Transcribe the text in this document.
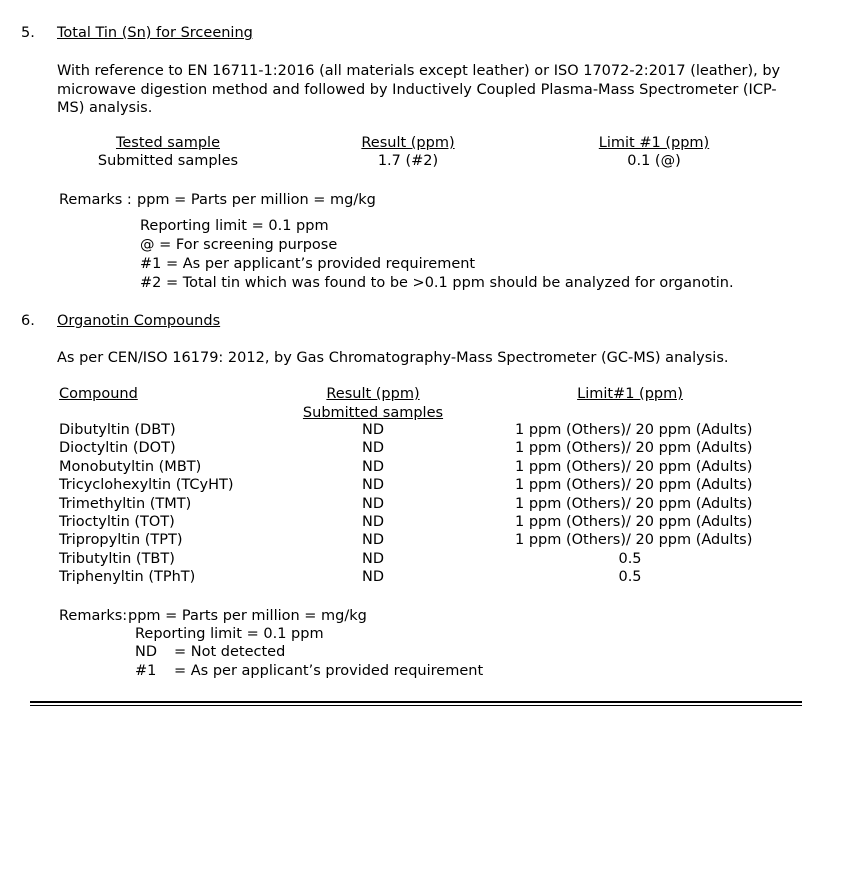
5. Total Tin (Sn) for Srceening
With reference to EN 16711-1:2016 (all materials except leather) or ISO 17072-2:2017 (leather), by microwave digestion method and followed by Inductively Coupled Plasma-Mass Spectrometer (ICP-MS) analysis.
Tested sample	Result (ppm)	Limit #1 (ppm)
Submitted samples	1.7 (#2)	0.1 (@)
Remarks : ppm = Parts per million = mg/kg
Reporting limit = 0.1 ppm
@ = For screening purpose
#1 = As per applicant’s provided requirement
#2 = Total tin which was found to be >0.1 ppm should be analyzed for organotin.
6. Organotin Compounds
As per CEN/ISO 16179: 2012, by Gas Chromatography-Mass Spectrometer (GC-MS) analysis.
Compound	Result (ppm)	Limit#1 (ppm)
Submitted samples
Dibutyltin (DBT)	ND	1 ppm (Others)/ 20 ppm (Adults)
Dioctyltin (DOT)	ND	1 ppm (Others)/ 20 ppm (Adults)
Monobutyltin (MBT)	ND	1 ppm (Others)/ 20 ppm (Adults)
Tricyclohexyltin (TCyHT)	ND	1 ppm (Others)/ 20 ppm (Adults)
Trimethyltin (TMT)	ND	1 ppm (Others)/ 20 ppm (Adults)
Trioctyltin (TOT)	ND	1 ppm (Others)/ 20 ppm (Adults)
Tripropyltin (TPT)	ND	1 ppm (Others)/ 20 ppm (Adults)
Tributyltin (TBT)	ND	0.5
Triphenyltin (TPhT)	ND	0.5
Remarks: ppm = Parts per million = mg/kg
Reporting limit = 0.1 ppm
ND = Not detected
#1 = As per applicant’s provided requirement
